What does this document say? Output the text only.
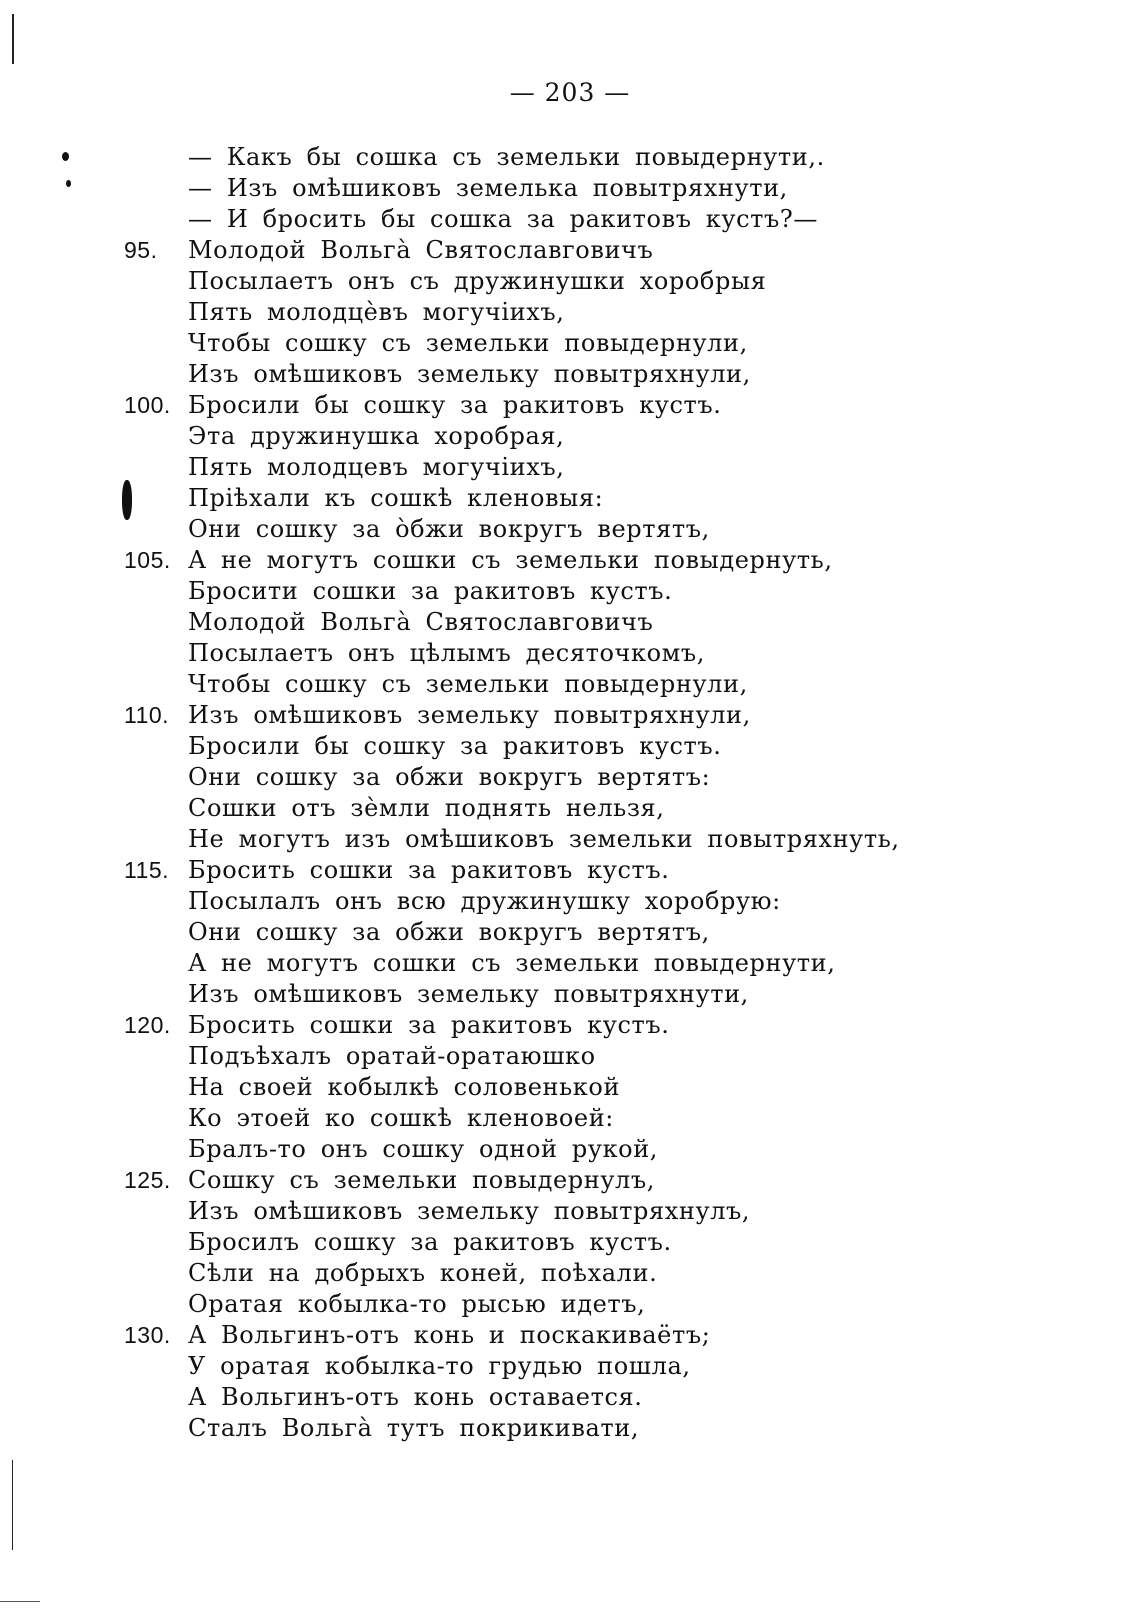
— 203 —
— Какъ бы сошка съ земельки повыдернути,.
— Изъ омѣшиковъ земелька повытряхнути,
— И бросить бы сошка за ракитовъ кустъ?—
95.	Молодой Вольга̀ Святославговичъ
Посылаетъ онъ съ дружинушки хоробрыя
Пять молодцѐвъ могучіихъ,
Чтобы сошку съ земельки повыдернули,
Изъ омѣшиковъ земельку повытряхнули,
100. Бросили бы сошку за ракитовъ кустъ.
Эта дружинушка хоробрая,
Пять молодцевъ могучіихъ,
Пріѣхали къ сошкѣ кленовыя:
Они сошку за о̀бжи вокругъ вертятъ,
105. А не могутъ сошки съ земельки повыдернуть,
Бросити сошки за ракитовъ кустъ.
Молодой Вольга̀ Святославговичъ
Посылаетъ онъ цѣлымъ десяточкомъ,
Чтобы сошку съ земельки повыдернули,
110. Изъ омѣшиковъ земельку повытряхнули,
Бросили бы сошку за ракитовъ кустъ.
Они сошку за обжи вокругъ вертятъ:
Сошки отъ зѐмли поднять нельзя,
Не могутъ изъ омѣшиковъ земельки повытряхнуть,
115. Бросить сошки за ракитовъ кустъ.
Посылалъ онъ всю дружинушку хоробрую:
Они сошку за обжи вокругъ вертятъ,
А не могутъ сошки съ земельки повыдернути,
Изъ омѣшиковъ земельку повытряхнути,
120. Бросить сошки за ракитовъ кустъ.
Подъѣхалъ оратай-оратаюшко
На своей кобылкѣ соловенькой
Ко этоей ко сошкѣ кленовоей:
Бралъ-то онъ сошку одной рукой,
125. Сошку съ земельки повыдернулъ,
Изъ омѣшиковъ земельку повытряхнулъ,
Бросилъ сошку за ракитовъ кустъ.
Сѣли на добрыхъ коней, поѣхали.
Оратая кобылка-то рысью идетъ,
130. А Вольгинъ-отъ конь и поскакиваётъ;
У оратая кобылка-то грудью пошла,
А Вольгинъ-отъ конь оставается.
Сталъ Вольга̀ тутъ покрикивати,
